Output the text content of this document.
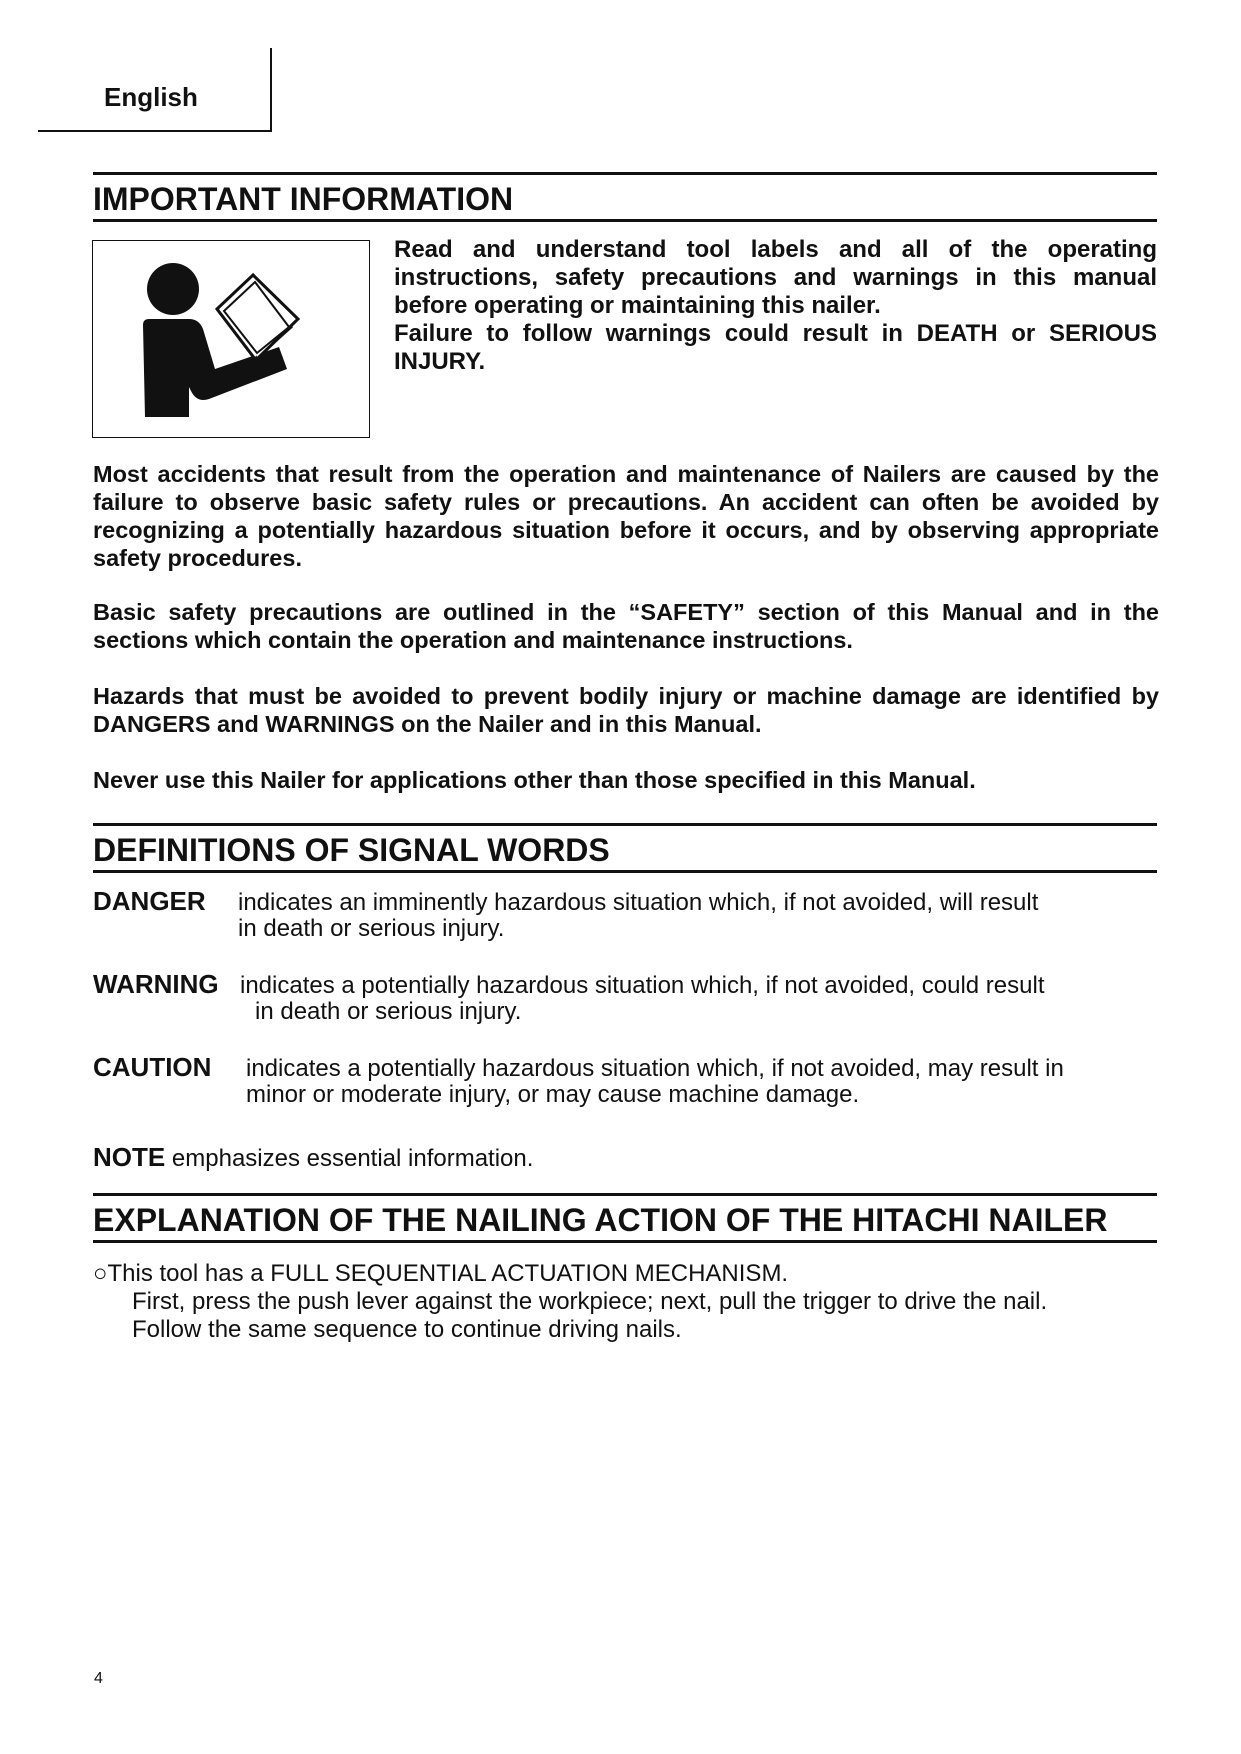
English
IMPORTANT INFORMATION

Read and understand tool labels and all of the operating instructions, safety precautions and warnings in this manual before operating or maintaining this nailer.

Failure to follow warnings could result in DEATH or SERIOUS INJURY.

Most accidents that result from the operation and maintenance of Nailers are caused by the failure to observe basic safety rules or precautions. An accident can often be avoided by recognizing a potentially hazardous situation before it occurs, and by observing appropriate safety procedures.

Basic safety precautions are outlined in the “SAFETY” section of this Manual and in the sections which contain the operation and maintenance instructions.

Hazards that must be avoided to prevent bodily injury or machine damage are identified by DANGERS and WARNINGS on the Nailer and in this Manual.

Never use this Nailer for applications other than those specified in this Manual.

DEFINITIONS OF SIGNAL WORDS
DANGER indicates an imminently hazardous situation which, if not avoided, will result
in death or serious injury.
WARNING indicates a potentially hazardous situation which, if not avoided, could result
in death or serious injury.
CAUTION indicates a potentially hazardous situation which, if not avoided, may result in
minor or moderate injury, or may cause machine damage.
NOTE emphasizes essential information.
EXPLANATION OF THE NAILING ACTION OF THE HITACHI NAILER
○This tool has a FULL SEQUENTIAL ACTUATION MECHANISM.
First, press the push lever against the workpiece; next, pull the trigger to drive the nail.
Follow the same sequence to continue driving nails.
4
